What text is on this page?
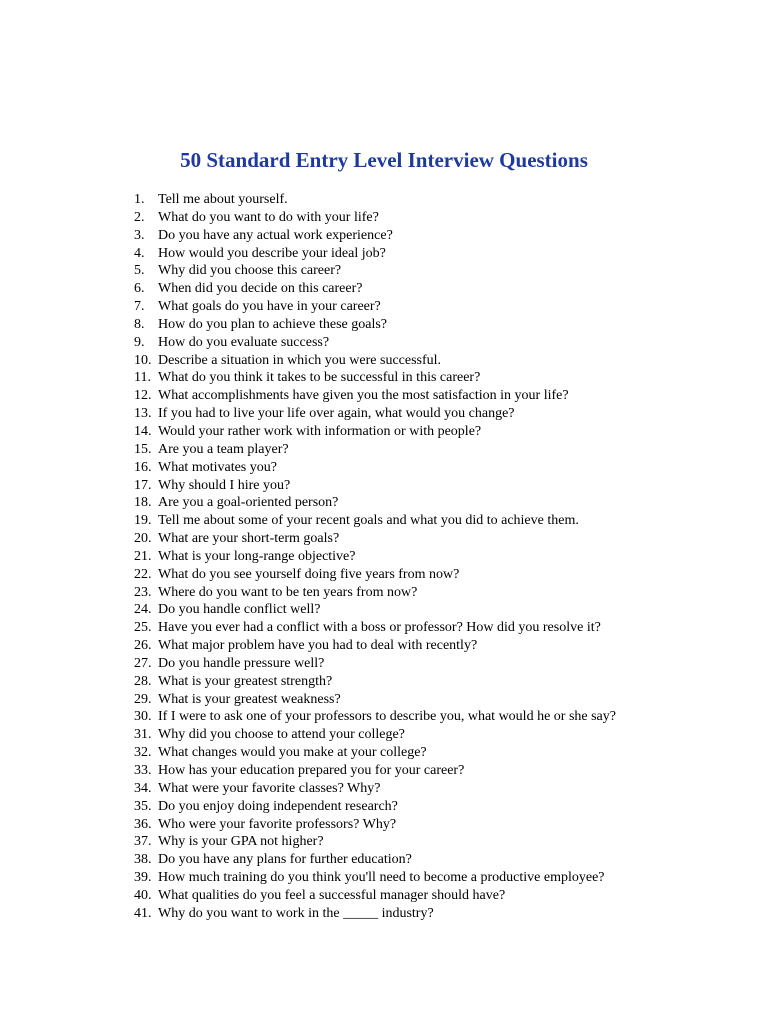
50 Standard Entry Level Interview Questions
1. Tell me about yourself.
2. What do you want to do with your life?
3. Do you have any actual work experience?
4. How would you describe your ideal job?
5. Why did you choose this career?
6. When did you decide on this career?
7. What goals do you have in your career?
8. How do you plan to achieve these goals?
9. How do you evaluate success?
10. Describe a situation in which you were successful.
11. What do you think it takes to be successful in this career?
12. What accomplishments have given you the most satisfaction in your life?
13. If you had to live your life over again, what would you change?
14. Would your rather work with information or with people?
15. Are you a team player?
16. What motivates you?
17. Why should I hire you?
18. Are you a goal-oriented person?
19. Tell me about some of your recent goals and what you did to achieve them.
20. What are your short-term goals?
21. What is your long-range objective?
22. What do you see yourself doing five years from now?
23. Where do you want to be ten years from now?
24. Do you handle conflict well?
25. Have you ever had a conflict with a boss or professor? How did you resolve it?
26. What major problem have you had to deal with recently?
27. Do you handle pressure well?
28. What is your greatest strength?
29. What is your greatest weakness?
30. If I were to ask one of your professors to describe you, what would he or she say?
31. Why did you choose to attend your college?
32. What changes would you make at your college?
33. How has your education prepared you for your career?
34. What were your favorite classes? Why?
35. Do you enjoy doing independent research?
36. Who were your favorite professors? Why?
37. Why is your GPA not higher?
38. Do you have any plans for further education?
39. How much training do you think you'll need to become a productive employee?
40. What qualities do you feel a successful manager should have?
41. Why do you want to work in the _____ industry?
